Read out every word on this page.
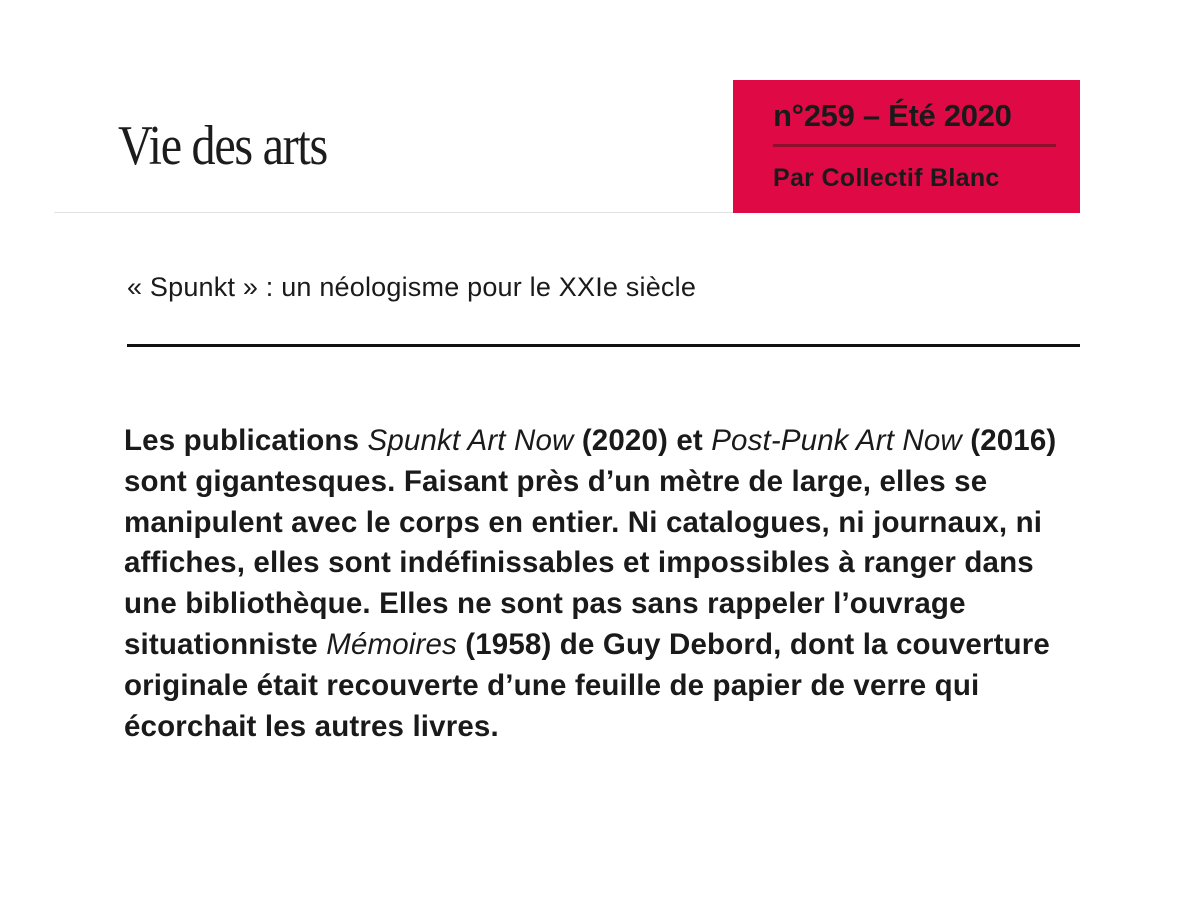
Vie des arts	n°259 – Été 2020
Par Collectif Blanc
« Spunkt » : un néologisme pour le XXIe siècle
Les publications Spunkt Art Now (2020) et Post-Punk Art Now (2016) sont gigantesques. Faisant près d’un mètre de large, elles se manipulent avec le corps en entier. Ni catalogues, ni journaux, ni affiches, elles sont indéfinissables et impossibles à ranger dans une bibliothèque. Elles ne sont pas sans rappeler l’ouvrage situationniste Mémoires (1958) de Guy Debord, dont la couverture originale était recouverte d’une feuille de papier de verre qui écorchait les autres livres.
